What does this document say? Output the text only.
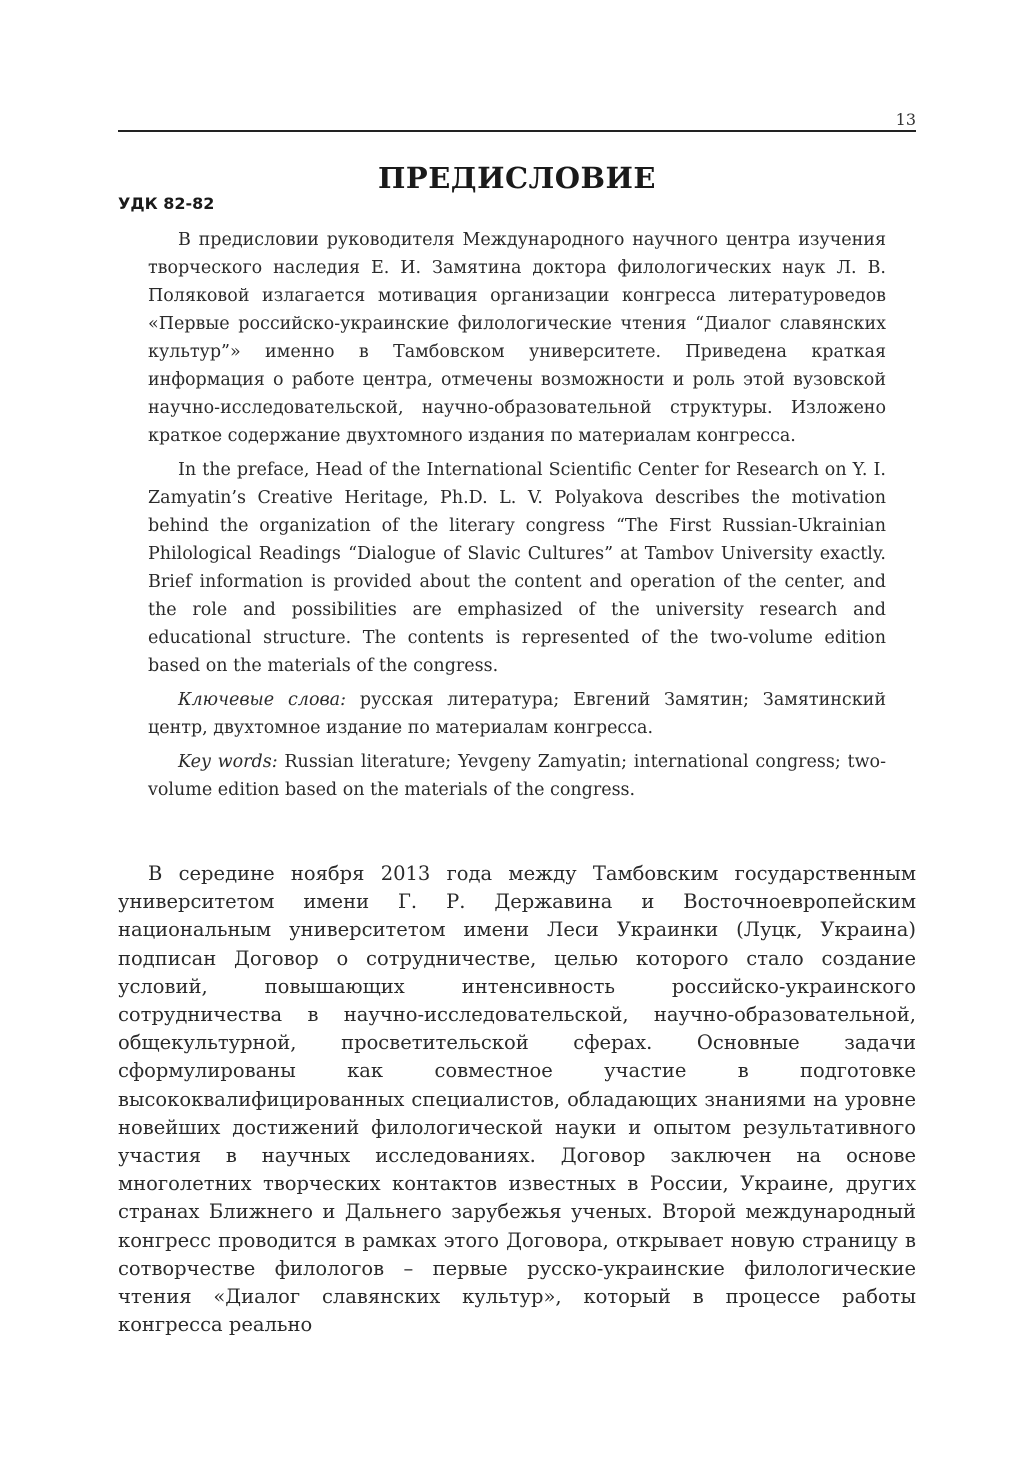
13
ПРЕДИСЛОВИЕ
УДК 82-82

В предисловии руководителя Международного научного центра изучения творческого наследия Е. И. Замятина доктора филологических наук Л. В. Поляковой излагается мотивация организации конгресса литературоведов «Первые российско-украинские филологические чтения “Диалог славянских культур”» именно в Тамбовском университете. Приведена краткая информация о работе центра, отмечены возможности и роль этой вузовской научно-исследовательской, научно-образовательной структуры. Изложено краткое содержание двухтомного издания по материалам конгресса.

In the preface, Head of the International Scientific Center for Research on Y. I. Zamyatin’s Creative Heritage, Ph.D. L. V. Polyakova describes the motivation behind the organization of the literary congress “The First Russian-Ukrainian Philological Readings “Dialogue of Slavic Cultures” at Tambov University exactly. Brief information is provided about the content and operation of the center, and the role and possibilities are emphasized of the university research and educational structure. The contents is represented of the two-volume edition based on the materials of the congress.

Ключевые слова: русская литература; Евгений Замятин; Замятинский центр, двухтомное издание по материалам конгресса.

Key words: Russian literature; Yevgeny Zamyatin; international congress; two-volume edition based on the materials of the congress.

В середине ноября 2013 года между Тамбовским государственным университетом имени Г. Р. Державина и Восточноевропейским национальным университетом имени Леси Украинки (Луцк, Украина) подписан Договор о сотрудничестве, целью которого стало создание условий, повышающих интенсивность российско-украинского сотрудничества в научно-исследовательской, научно-образовательной, общекультурной, просветительской сферах. Основные задачи сформулированы как совместное участие в подготовке высококвалифицированных специалистов, обладающих знаниями на уровне новейших достижений филологической науки и опытом результативного участия в научных исследованиях. Договор заключен на основе многолетних творческих контактов известных в России, Украине, других странах Ближнего и Дальнего зарубежья ученых. Второй международный конгресс проводится в рамках этого Договора, открывает новую страницу в сотворчестве филологов – первые русско-украинские филологические чтения «Диалог славянских культур», который в процессе работы конгресса реально
